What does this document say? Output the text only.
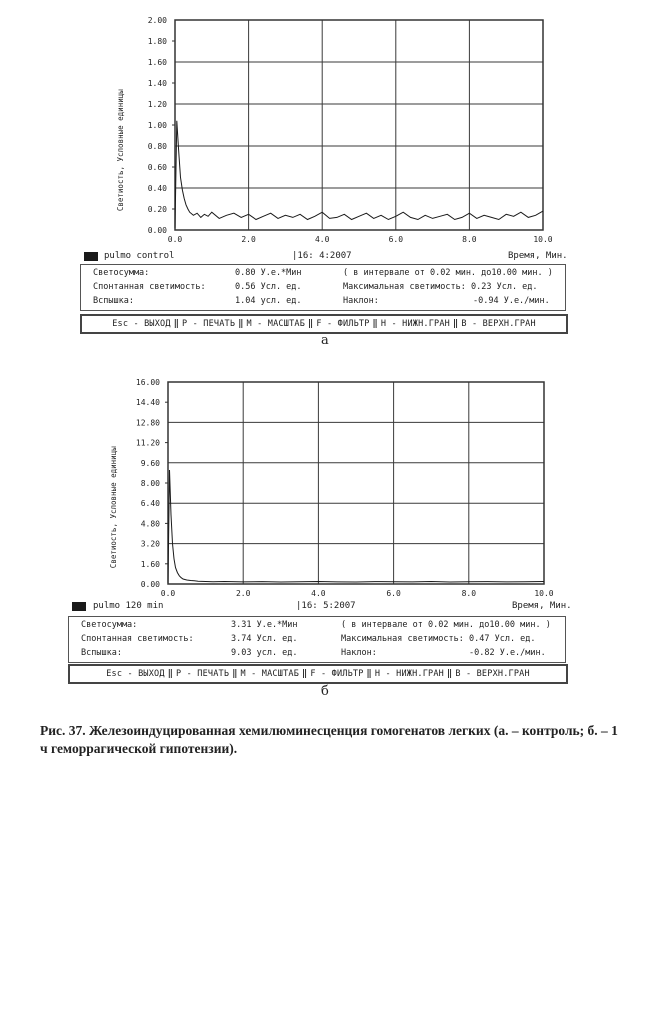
0.00
0.20
0.40
0.60
0.80
1.00
1.20
1.40
1.60
1.80
2.00
0.0	2.0	4.0	6.0	8.0	10.0
Светиость, Условные единицы
pulmo control	|16: 4:2007	Время, Мин.
Светосумма:	0.80 У.е.*Мин	( в интервале от 0.02 мин. до10.00 мин. )
Спонтанная светимость:	0.56 Усл. ед.	Максимальная светимость: 0.23 Усл. ед.
Вспышка:	1.04 усл. ед.	Наклон:	-0.94 У.е./мин.
Esc - ВЫХОД ‖ P - ПЕЧАТЬ ‖ M - МАСШТАБ ‖ F - ФИЛЬТР ‖ H - НИЖН.ГРАН ‖ B - ВЕРХН.ГРАН
а
0.00
1.60
3.20
4.80
6.40
8.00
9.60
11.20
12.80
14.40
16.00
0.0	2.0	4.0	6.0	8.0	10.0
Светиость, Условные единицы
pulmo 120 min	|16: 5:2007	Время, Мин.
Светосумма:	3.31 У.е.*Мин	( в интервале от 0.02 мин. до10.00 мин. )
Спонтанная светимость:	3.74 Усл. ед.	Максимальная светимость: 0.47 Усл. ед.
Вспышка:	9.03 усл. ед.	Наклон:	-0.82 У.е./мин.
Esc - ВЫХОД ‖ P - ПЕЧАТЬ ‖ M - МАСШТАБ ‖ F - ФИЛЬТР ‖ H - НИЖН.ГРАН ‖ B - ВЕРХН.ГРАН
б
Рис. 37. Железоиндуцированная хемилюминесценция гомогенатов легких (а. – контроль; б. – 1 ч геморрагической гипотензии).
